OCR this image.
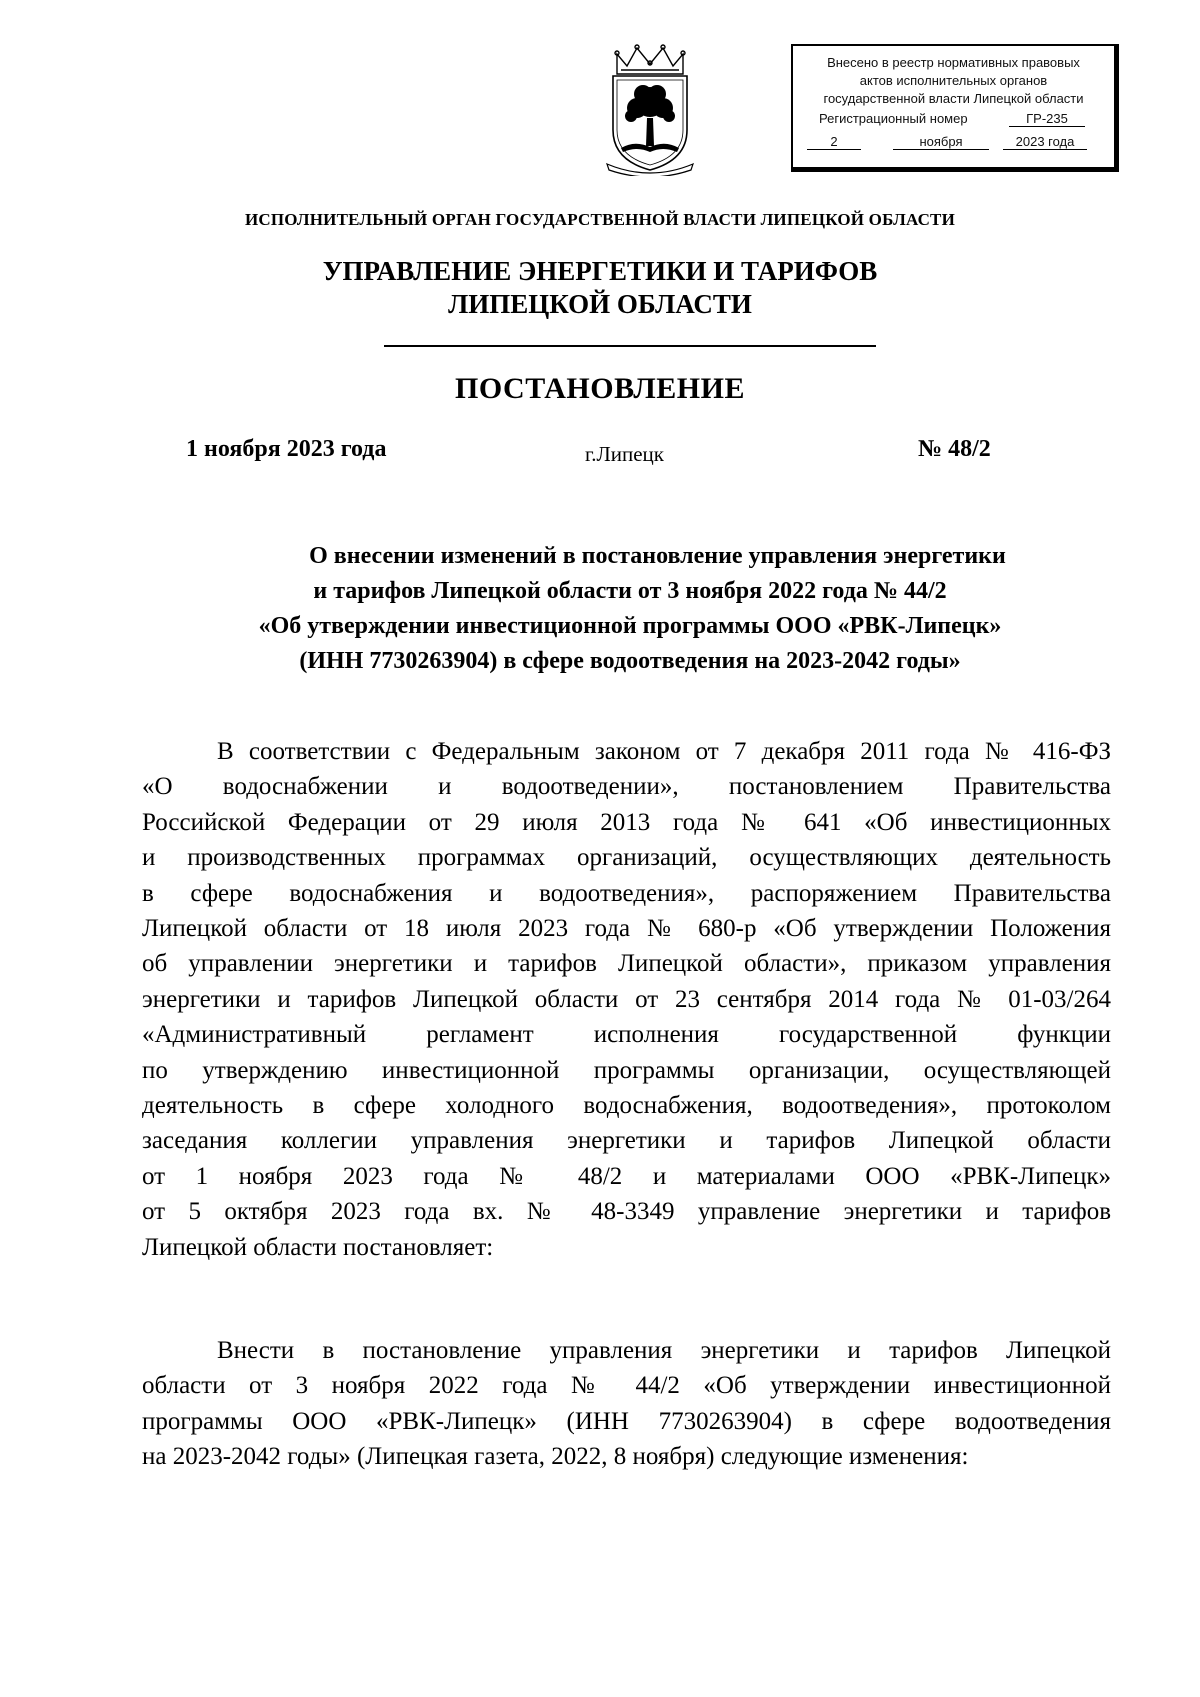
Внесено в реестр нормативных правовых
актов исполнительных органов
государственной власти Липецкой области
Регистрационный номер	ГР-235
2	ноября	2023 года
ИСПОЛНИТЕЛЬНЫЙ ОРГАН ГОСУДАРСТВЕННОЙ ВЛАСТИ ЛИПЕЦКОЙ ОБЛАСТИ
УПРАВЛЕНИЕ ЭНЕРГЕТИКИ И ТАРИФОВ
ЛИПЕЦКОЙ ОБЛАСТИ
ПОСТАНОВЛЕНИЕ
1 ноября 2023 года	г.Липецк	№ 48/2
О внесении изменений в постановление управления энергетики
и тарифов Липецкой области от 3 ноября 2022 года № 44/2
«Об утверждении инвестиционной программы ООО «РВК-Липецк»
(ИНН 7730263904) в сфере водоотведения на 2023-2042 годы»
В соответствии с Федеральным законом от 7 декабря 2011 года № 416-ФЗ
«О водоснабжении и водоотведении», постановлением Правительства
Российской Федерации от 29 июля 2013 года № 641 «Об инвестиционных
и производственных программах организаций, осуществляющих деятельность
в сфере водоснабжения и водоотведения», распоряжением Правительства
Липецкой области от 18 июля 2023 года № 680-р «Об утверждении Положения
об управлении энергетики и тарифов Липецкой области», приказом управления
энергетики и тарифов Липецкой области от 23 сентября 2014 года № 01-03/264
«Административный регламент исполнения государственной функции
по утверждению инвестиционной программы организации, осуществляющей
деятельность в сфере холодного водоснабжения, водоотведения», протоколом
заседания коллегии управления энергетики и тарифов Липецкой области
от 1 ноября 2023 года № 48/2 и материалами ООО «РВК-Липецк»
от 5 октября 2023 года вх. № 48-3349 управление энергетики и тарифов
Липецкой области постановляет:
Внести в постановление управления энергетики и тарифов Липецкой
области от 3 ноября 2022 года № 44/2 «Об утверждении инвестиционной
программы ООО «РВК-Липецк» (ИНН 7730263904) в сфере водоотведения
на 2023-2042 годы» (Липецкая газета, 2022, 8 ноября) следующие изменения:
